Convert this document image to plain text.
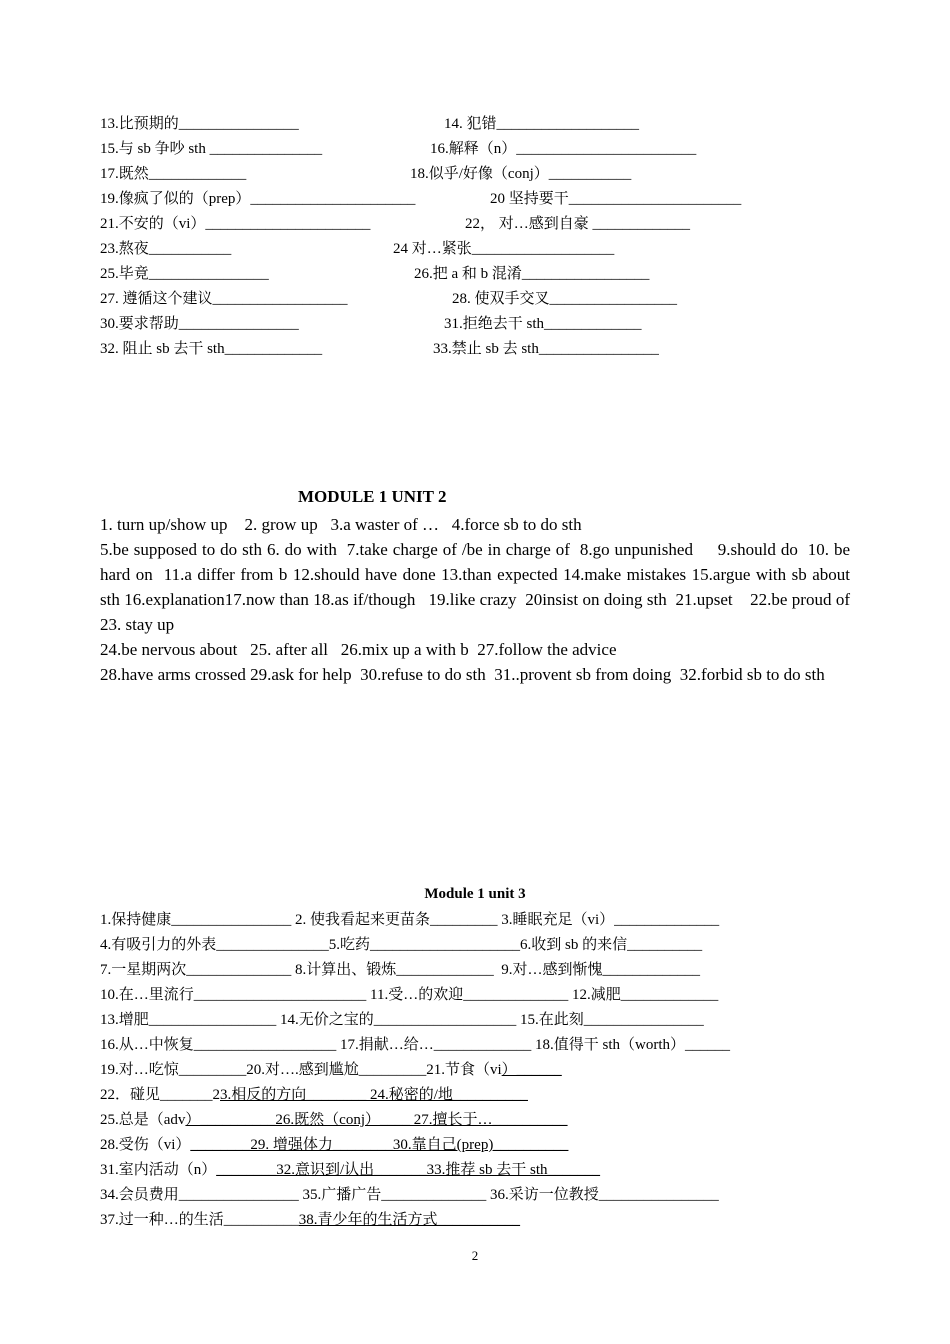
13.比预期的________________	14. 犯错___________________
15.与 sb 争吵 sth _______________	16.解释（n）________________________
17.既然_____________	18.似乎/好像（conj）___________
19.像疯了似的（prep）______________________	20 坚持要干_______________________
21.不安的（vi）______________________	22， 对…感到自豪 _____________
23.熬夜___________	24 对…紧张___________________
25.毕竟________________	26.把 a 和 b 混淆_________________
27. 遵循这个建议__________________	28. 使双手交叉_________________
30.要求帮助________________	31.拒绝去干 sth_____________
32. 阻止 sb 去干 sth_____________	33.禁止 sb 去 sth________________
MODULE 1 UNIT 2

1. turn up/show up    2. grow up   3.a waster of …   4.force sb to do sth
5.be supposed to do sth 6. do with  7.take charge of /be in charge of  8.go unpunished     9.should do  10. be hard on  11.a differ from b 12.should have done 13.than expected 14.make mistakes 15.argue with sb about sth 16.explanation17.now than 18.as if/though   19.like crazy  20insist on doing sth  21.upset    22.be proud of    23. stay up
24.be nervous about   25. after all   26.mix up a with b  27.follow the advice
28.have arms crossed 29.ask for help  30.refuse to do sth  31..provent sb from doing  32.forbid sb to do sth

Module 1 unit 3
1.保持健康________________ 2. 使我看起来更苗条_________ 3.睡眠充足（vi）______________
4.有吸引力的外表_______________5.吃药____________________6.收到 sb 的来信__________
7.一星期两次______________ 8.计算出、锻炼_____________  9.对…感到惭愧_____________
10.在…里流行_______________________ 11.受…的欢迎______________ 12.减肥_____________
13.增肥_________________ 14.无价之宝的___________________ 15.在此刻________________
16.从…中恢复___________________ 17.捐献…给…_____________ 18.值得干 sth（worth）______
19.对…吃惊_________20.对….感到尴尬_________21.节食（vi）______
22．碰见_______23.相反的方向________ 24.秘密的/地__________
25.总是（adv）__________26.既然（conj）____ 27.擅长于…__________
28.受伤（vi）________29. 增强体力________30.靠自己(prep)__________
31.室内活动（n）________32.意识到/认出_______33.推荐 sb 去干 sth_______
34.会员费用________________ 35.广播广告______________ 36.采访一位教授________________
37.过一种…的生活__________38.青少年的生活方式___________
2
